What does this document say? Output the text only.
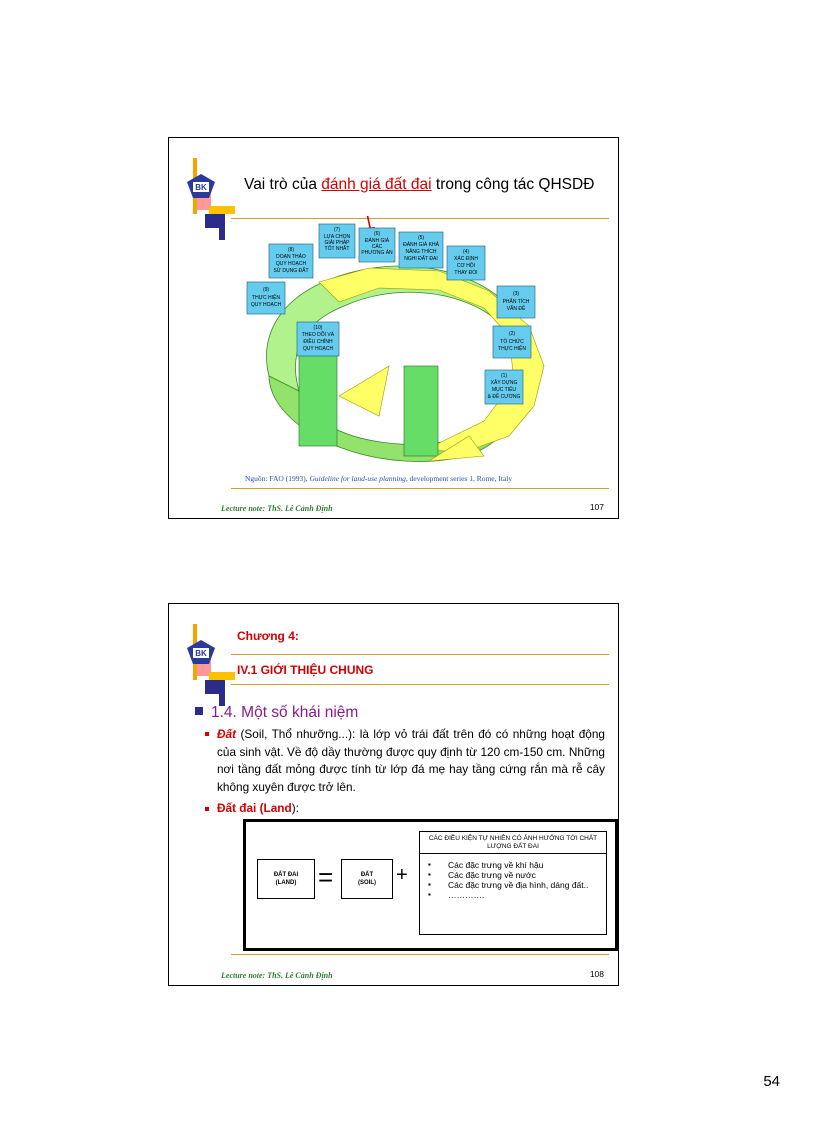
BK Vai trò của đánh giá đất đai trong công tác QHSDĐ
(7)
LỰA CHỌN
GIẢI PHÁP
TỐT NHẤT
(6)
ĐÁNH GIÁ
CÁC
PHƯƠNG ÁN
(5)
ĐÁNH GIÁ KHẢ
NĂNG THÍCH
NGHI ĐẤT ĐAI
(4)
XÁC ĐỊNH
CƠ HỘI
THAY ĐỔI
(8)
DOẠN THẢO
QUY HOẠCH
SỬ DỤNG ĐẤT
(9)
THỰC HIỆN
QUY HOẠCH
(10)
THEO DÕI VÀ
ĐIỀU CHỈNH
QUY HOẠCH
(3)
PHÂN TÍCH
VẤN ĐỀ
(2)
TỔ CHỨC
THỰC HIỆN
(1)
XÂY DỰNG
MỤC TIÊU
& ĐỀ CƯƠNG
Nguồn: FAO (1993), Guideline for land-use planning, development series 1, Rome, Italy
Lecture note: ThS. Lê Cảnh Định	107
BK
Chương 4:
IV.1 GIỚI THIỆU CHUNG
1.4. Một số khái niệm
Đất (Soil, Thổ nhưỡng...): là lớp vỏ trái đất trên đó có những hoạt động của sinh vật. Về độ dầy thường được quy định từ 120 cm-150 cm. Những nơi tầng đất mỏng được tính từ lớp đá mẹ hay tầng cứng rắn mà rễ cây không xuyên được trở lên.
Đất đai (Land):
ĐẤT ĐAI
(LAND) =	ĐẤT
(SOIL)	+
CÁC ĐIỀU KIỆN TỰ NHIÊN CÓ ẢNH HƯỞNG TỚI CHẤT LƯỢNG ĐẤT ĐAI
▪ Các đặc trưng về khí hậu
▪ Các đặc trưng về nước
▪ Các đặc trưng về địa hình, dáng đất..
▪ ………….
Lecture note: ThS. Lê Cảnh Định	108
54
